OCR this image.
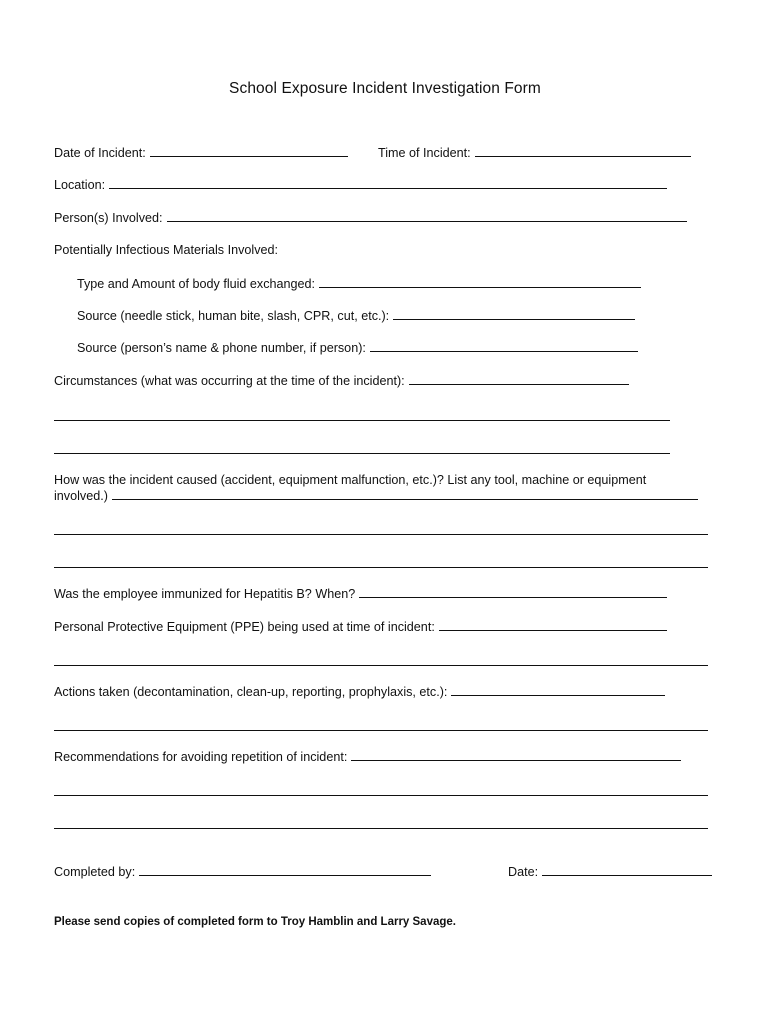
School Exposure Incident Investigation Form
Date of Incident:	Time of Incident:
Location:
Person(s) Involved:
Potentially Infectious Materials Involved:
Type and Amount of body fluid exchanged:
Source (needle stick, human bite, slash, CPR, cut, etc.):
Source (person’s name & phone number, if person):
Circumstances (what was occurring at the time of the incident):
How was the incident caused (accident, equipment malfunction, etc.)? List any tool, machine or equipment
involved.)
Was the employee immunized for Hepatitis B? When?
Personal Protective Equipment (PPE) being used at time of incident:
Actions taken (decontamination, clean-up, reporting, prophylaxis, etc.):
Recommendations for avoiding repetition of incident:
Completed by:	Date:
Please send copies of completed form to Troy Hamblin and Larry Savage.
